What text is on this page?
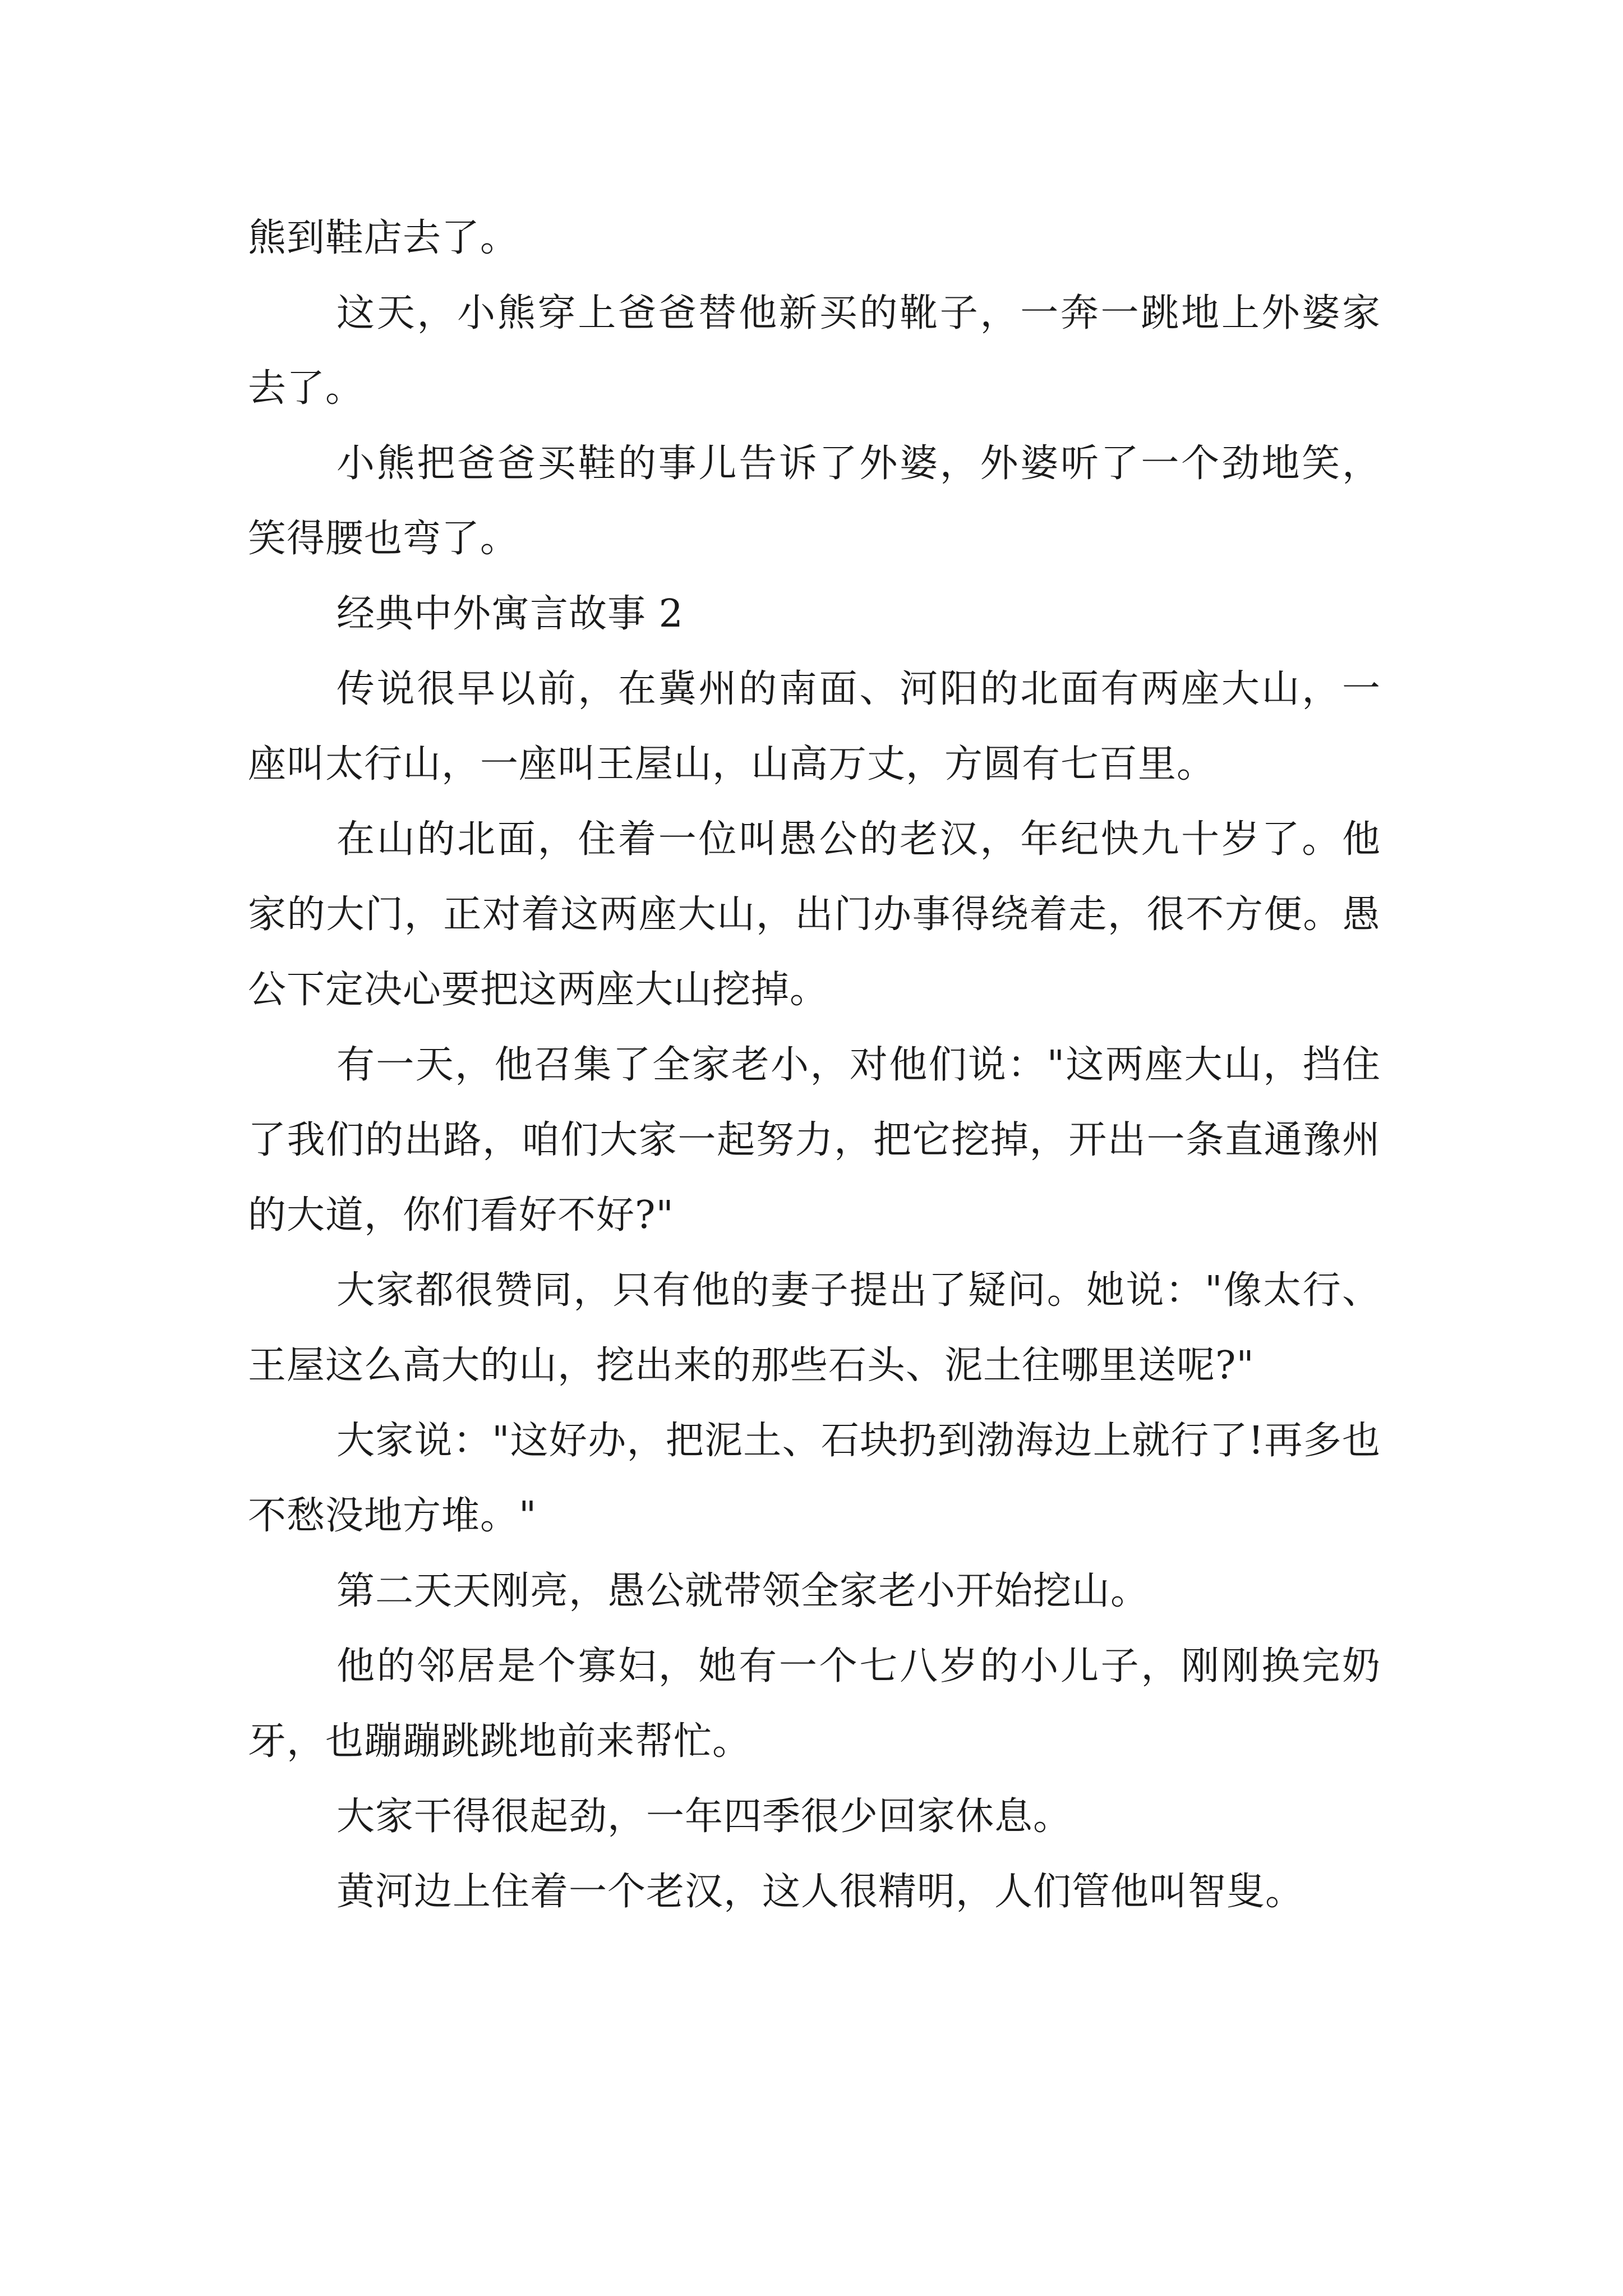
熊到鞋店去了。

这天，小熊穿上爸爸替他新买的靴子，一奔一跳地上外婆家去了。

小熊把爸爸买鞋的事儿告诉了外婆，外婆听了一个劲地笑，笑得腰也弯了。

经典中外寓言故事 2

传说很早以前，在冀州的南面、河阳的北面有两座大山，一座叫太行山，一座叫王屋山，山高万丈，方圆有七百里。

在山的北面，住着一位叫愚公的老汉，年纪快九十岁了。他家的大门，正对着这两座大山，出门办事得绕着走，很不方便。愚公下定决心要把这两座大山挖掉。

有一天，他召集了全家老小，对他们说："这两座大山，挡住了我们的出路，咱们大家一起努力，把它挖掉，开出一条直通豫州的大道，你们看好不好?"

大家都很赞同，只有他的妻子提出了疑问。她说："像太行、王屋这么高大的山，挖出来的那些石头、泥土往哪里送呢?"

大家说："这好办，把泥土、石块扔到渤海边上就行了!再多也不愁没地方堆。"

第二天天刚亮，愚公就带领全家老小开始挖山。

他的邻居是个寡妇，她有一个七八岁的小儿子，刚刚换完奶牙，也蹦蹦跳跳地前来帮忙。

大家干得很起劲，一年四季很少回家休息。

黄河边上住着一个老汉，这人很精明，人们管他叫智叟。
